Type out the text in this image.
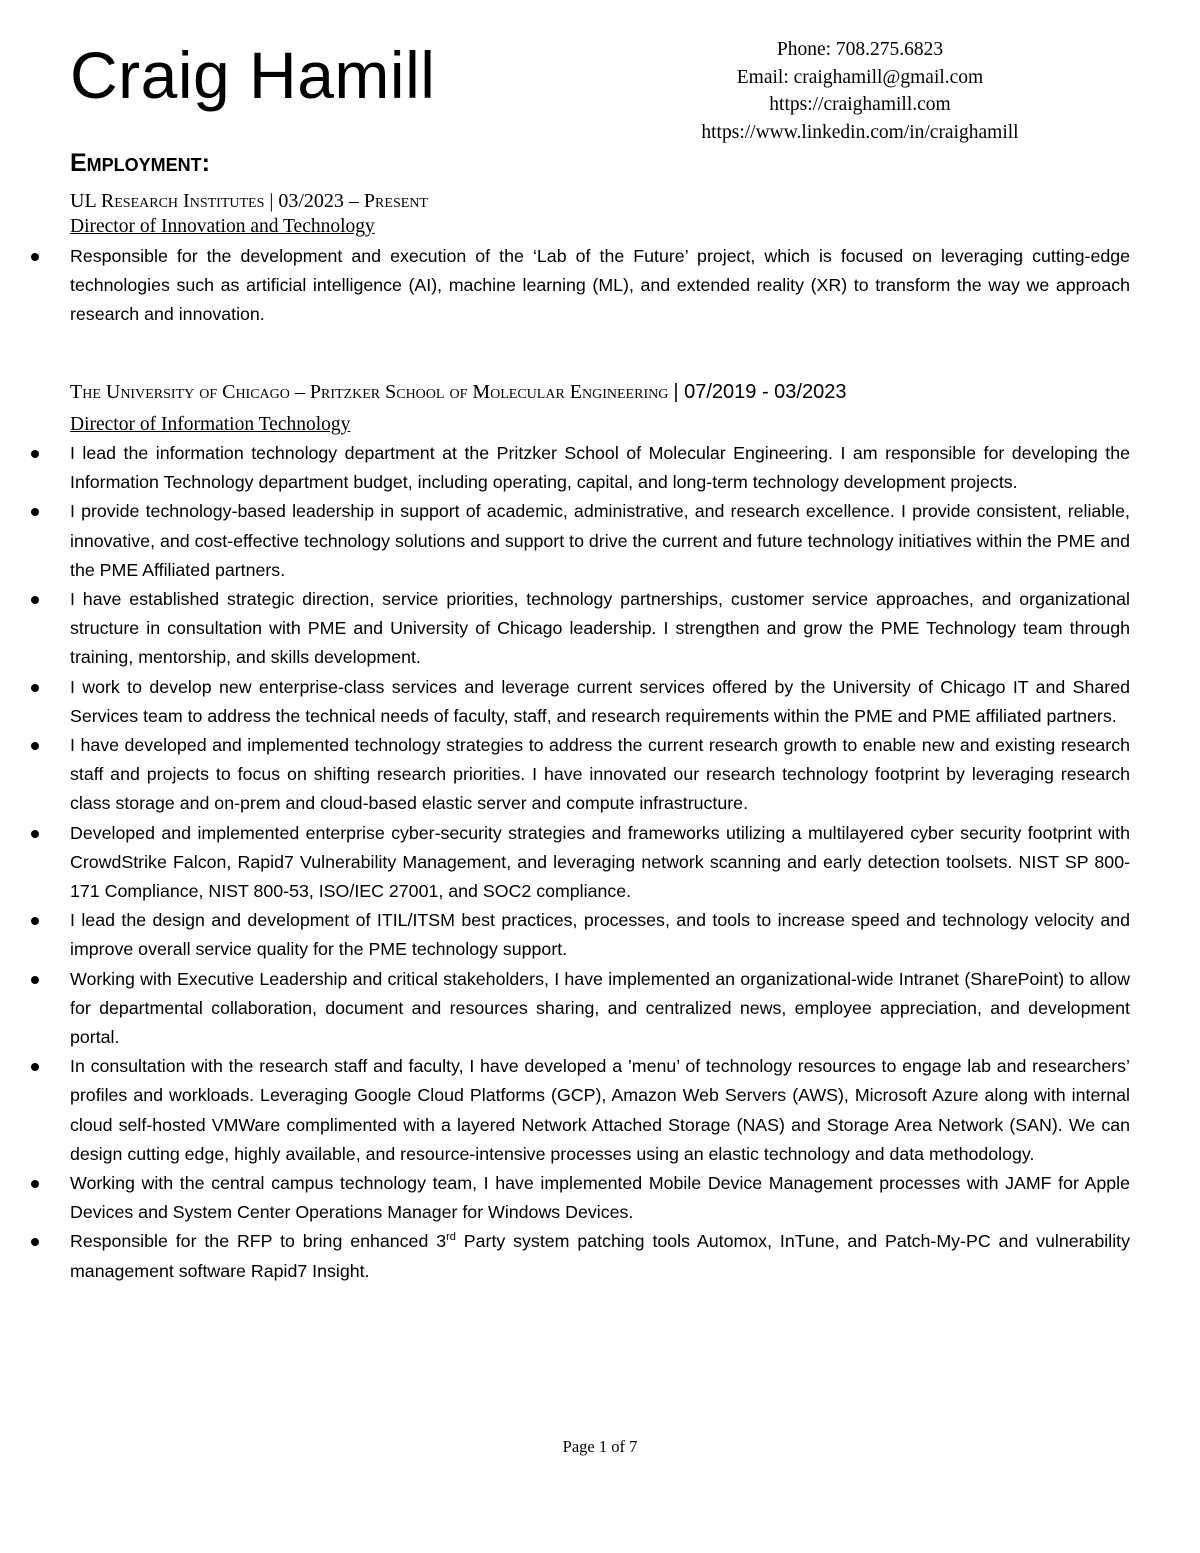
Craig Hamill	Phone: 708.275.6823
Email: craighamill@gmail.com
https://craighamill.com
https://www.linkedin.com/in/craighamill
Employment:
UL Research Institutes | 03/2023 – Present
Director of Innovation and Technology
Responsible for the development and execution of the ‘Lab of the Future’ project, which is focused on leveraging cutting-edge technologies such as artificial intelligence (AI), machine learning (ML), and extended reality (XR) to transform the way we approach research and innovation.
The University of Chicago – Pritzker School of Molecular Engineering | 07/2019 - 03/2023
Director of Information Technology
I lead the information technology department at the Pritzker School of Molecular Engineering. I am responsible for developing the Information Technology department budget, including operating, capital, and long-term technology development projects.
I provide technology-based leadership in support of academic, administrative, and research excellence. I provide consistent, reliable, innovative, and cost-effective technology solutions and support to drive the current and future technology initiatives within the PME and the PME Affiliated partners.
I have established strategic direction, service priorities, technology partnerships, customer service approaches, and organizational structure in consultation with PME and University of Chicago leadership. I strengthen and grow the PME Technology team through training, mentorship, and skills development.
I work to develop new enterprise-class services and leverage current services offered by the University of Chicago IT and Shared Services team to address the technical needs of faculty, staff, and research requirements within the PME and PME affiliated partners.
I have developed and implemented technology strategies to address the current research growth to enable new and existing research staff and projects to focus on shifting research priorities. I have innovated our research technology footprint by leveraging research class storage and on-prem and cloud-based elastic server and compute infrastructure.
Developed and implemented enterprise cyber-security strategies and frameworks utilizing a multilayered cyber security footprint with CrowdStrike Falcon, Rapid7 Vulnerability Management, and leveraging network scanning and early detection toolsets. NIST SP 800-171 Compliance, NIST 800-53, ISO/IEC 27001, and SOC2 compliance.
I lead the design and development of ITIL/ITSM best practices, processes, and tools to increase speed and technology velocity and improve overall service quality for the PME technology support.
Working with Executive Leadership and critical stakeholders, I have implemented an organizational-wide Intranet (SharePoint) to allow for departmental collaboration, document and resources sharing, and centralized news, employee appreciation, and development portal.
In consultation with the research staff and faculty, I have developed a ’menu’ of technology resources to engage lab and researchers’ profiles and workloads. Leveraging Google Cloud Platforms (GCP), Amazon Web Servers (AWS), Microsoft Azure along with internal cloud self-hosted VMWare complimented with a layered Network Attached Storage (NAS) and Storage Area Network (SAN). We can design cutting edge, highly available, and resource-intensive processes using an elastic technology and data methodology.
Working with the central campus technology team, I have implemented Mobile Device Management processes with JAMF for Apple Devices and System Center Operations Manager for Windows Devices.
Responsible for the RFP to bring enhanced 3rd Party system patching tools Automox, InTune, and Patch-My-PC and vulnerability management software Rapid7 Insight.
Page 1 of 7
